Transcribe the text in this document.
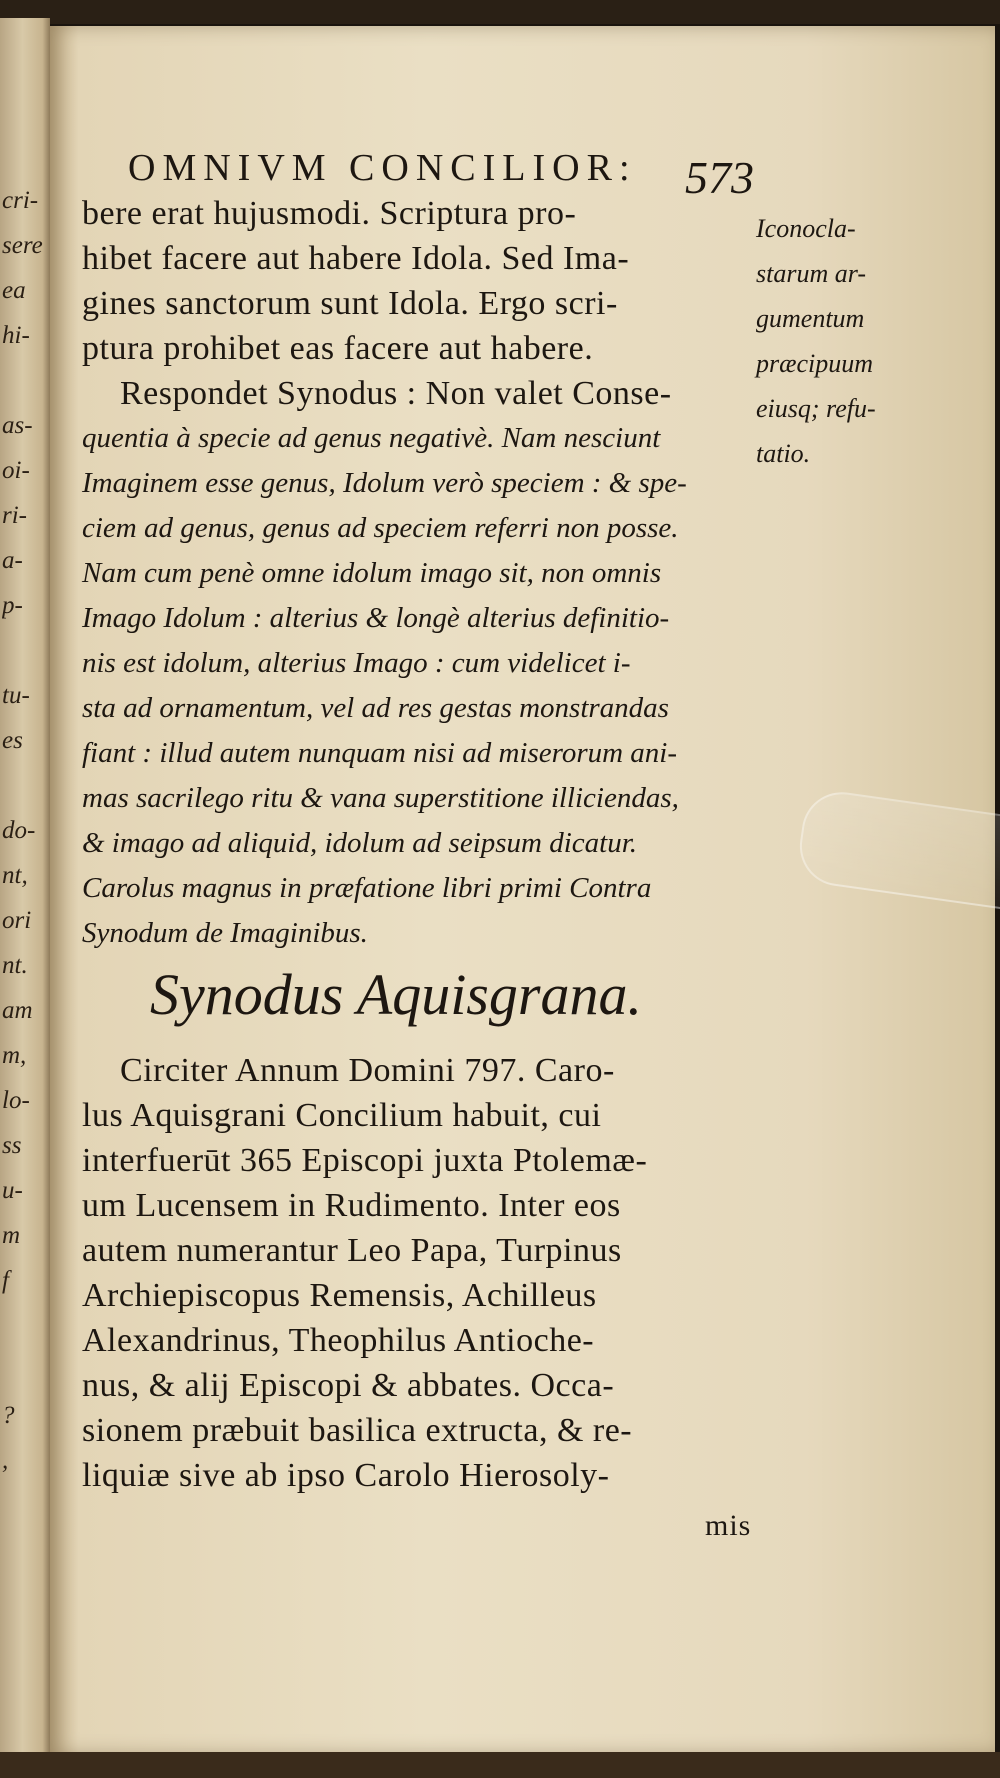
cri-
sere
ea
hi-
as-
oi-
ri-
a-
p-
tu-
es
do-
nt,
ori
nt.
am
m,
lo-
ss
u-
m
f
?
,
OMNIVM CONCILIOR: 573
bere erat hujusmodi. Scriptura pro-
hibet facere aut habere Idola. Sed Ima-
gines sanctorum sunt Idola. Ergo scri-
ptura prohibet eas facere aut habere.
Respondet Synodus : Non valet Conse-
quentia à specie ad genus negativè. Nam nesciunt
Imaginem esse genus, Idolum verò speciem : & spe-
ciem ad genus, genus ad speciem referri non posse.
Nam cum penè omne idolum imago sit, non omnis
Imago Idolum : alterius & longè alterius definitio-
nis est idolum, alterius Imago : cum videlicet i-
sta ad ornamentum, vel ad res gestas monstrandas
fiant : illud autem nunquam nisi ad miserorum ani-
mas sacrilego ritu & vana superstitione illiciendas,
& imago ad aliquid, idolum ad seipsum dicatur.
Carolus magnus in præfatione libri primi Contra
Synodum de Imaginibus.
Synodus Aquisgrana.
Circiter Annum Domini 797. Caro-
lus Aquisgrani Concilium habuit, cui
interfuerūt 365 Episcopi juxta Ptolemæ-
um Lucensem in Rudimento. Inter eos
autem numerantur Leo Papa, Turpinus
Archiepiscopus Remensis, Achilleus
Alexandrinus, Theophilus Antioche-
nus, & alij Episcopi & abbates. Occa-
sionem præbuit basilica extructa, & re-
liquiæ sive ab ipso Carolo Hierosoly-
Iconocla-
starum ar-
gumentum
præcipuum
eiusq; refu-
tatio.
mis
